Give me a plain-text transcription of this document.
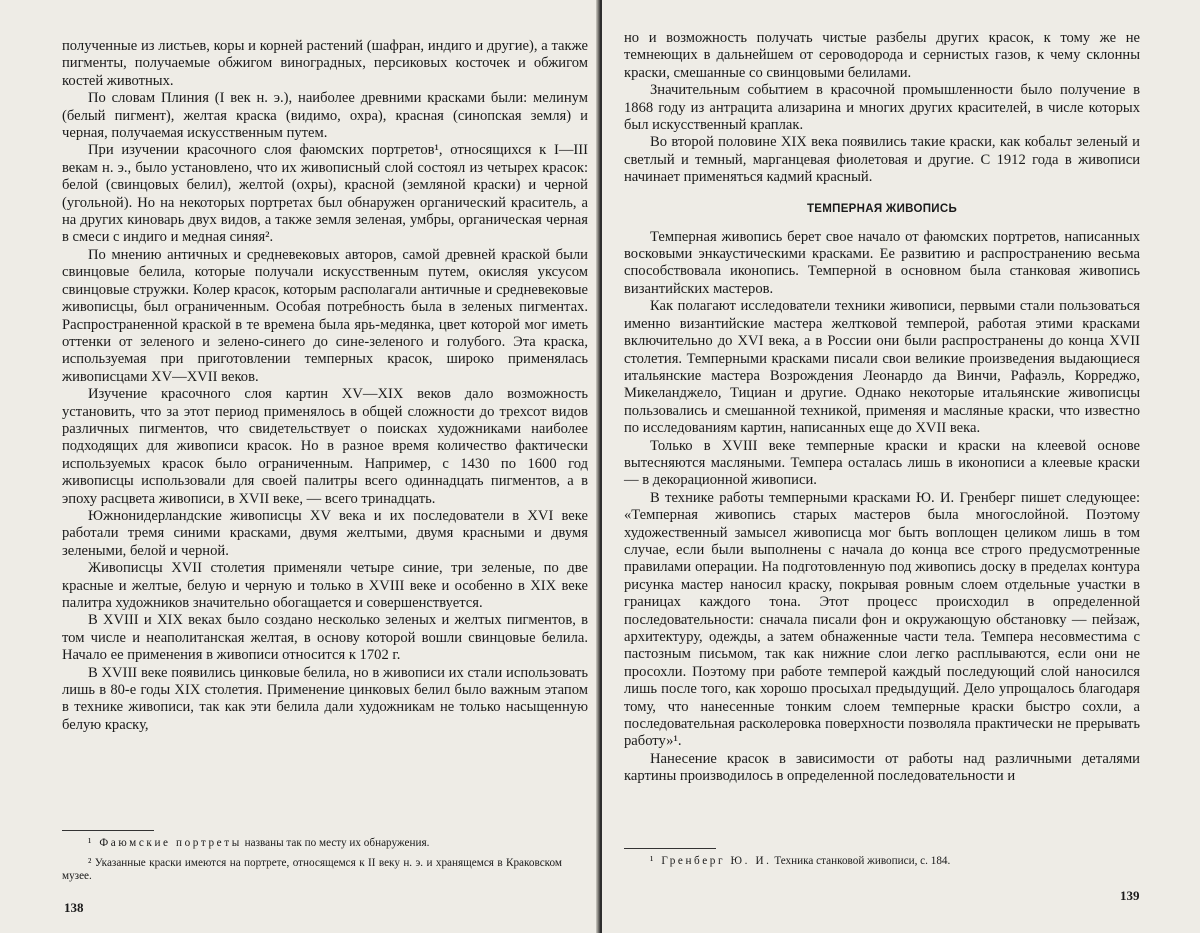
полученные из листьев, коры и корней растений (шафран, индиго и другие), а также пигменты, получаемые обжигом виноградных, персиковых косточек и обжигом костей животных.

По словам Плиния (I век н. э.), наиболее древними красками были: мелинум (белый пигмент), желтая краска (видимо, охра), красная (синопская земля) и черная, получаемая искусственным путем.

При изучении красочного слоя фаюмских портретов¹, относящихся к I—III векам н. э., было установлено, что их живописный слой состоял из четырех красок: белой (свинцовых белил), желтой (охры), красной (земляной краски) и черной (угольной). Но на некоторых портретах был обнаружен органический краситель, а на других киноварь двух видов, а также земля зеленая, умбры, органическая черная в смеси с индиго и медная синяя².

По мнению античных и средневековых авторов, самой древней краской были свинцовые белила, которые получали искусственным путем, окисляя уксусом свинцовые стружки. Колер красок, которым располагали античные и средневековые живописцы, был ограниченным. Особая потребность была в зеленых пигментах. Распространенной краской в те времена была ярь-медянка, цвет которой мог иметь оттенки от зеленого и зелено-синего до сине-зеленого и голубого. Эта краска, используемая при приготовлении темперных красок, широко применялась живописцами XV—XVII веков.

Изучение красочного слоя картин XV—XIX веков дало возможность установить, что за этот период применялось в общей сложности до трехсот видов различных пигментов, что свидетельствует о поисках художниками наиболее подходящих для живописи красок. Но в разное время количество фактически используемых красок было ограниченным. Например, с 1430 по 1600 год живописцы использовали для своей палитры всего одиннадцать пигментов, а в эпоху расцвета живописи, в XVII веке, — всего тринадцать.

Южнонидерландские живописцы XV века и их последователи в XVI веке работали тремя синими красками, двумя желтыми, двумя красными и двумя зелеными, белой и черной.

Живописцы XVII столетия применяли четыре синие, три зеленые, по две красные и желтые, белую и черную и только в XVIII веке и особенно в XIX веке палитра художников значительно обогащается и совершенствуется.

В XVIII и XIX веках было создано несколько зеленых и желтых пигментов, в том числе и неаполитанская желтая, в основу которой вошли свинцовые белила. Начало ее применения в живописи относится к 1702 г.

В XVIII веке появились цинковые белила, но в живописи их стали использовать лишь в 80-е годы XIX столетия. Применение цинковых белил было важным этапом в технике живописи, так как эти белила дали художникам не только насыщенную белую краску,

но и возможность получать чистые разбелы других красок, к тому же не темнеющих в дальнейшем от сероводорода и сернистых газов, к чему склонны краски, смешанные со свинцовыми белилами.

Значительным событием в красочной промышленности было получение в 1868 году из антрацита ализарина и многих других красителей, в числе которых был искусственный краплак.

Во второй половине XIX века появились такие краски, как кобальт зеленый и светлый и темный, марганцевая фиолетовая и другие. С 1912 года в живописи начинает применяться кадмий красный.

ТЕМПЕРНАЯ ЖИВОПИСЬ

Темперная живопись берет свое начало от фаюмских портретов, написанных восковыми энкаустическими красками. Ее развитию и распространению весьма способствовала иконопись. Темперной в основном была станковая живопись византийских мастеров.

Как полагают исследователи техники живописи, первыми стали пользоваться именно византийские мастера желтковой темперой, работая этими красками включительно до XVI века, а в России они были распространены до конца XVII столетия. Темперными красками писали свои великие произведения выдающиеся итальянские мастера Возрождения Леонардо да Винчи, Рафаэль, Корреджо, Микеланджело, Тициан и другие. Однако некоторые итальянские живописцы пользовались и смешанной техникой, применяя и масляные краски, что известно по исследованиям картин, написанных еще до XVII века.

Только в XVIII веке темперные краски и краски на клеевой основе вытесняются масляными. Темпера осталась лишь в иконописи а клеевые краски — в декорационной живописи.

В технике работы темперными красками Ю. И. Гренберг пишет следующее: «Темперная живопись старых мастеров была многослойной. Поэтому художественный замысел живописца мог быть воплощен целиком лишь в том случае, если были выполнены с начала до конца все строго предусмотренные правилами операции. На подготовленную под живопись доску в пределах контура рисунка мастер наносил краску, покрывая ровным слоем отдельные участки в границах каждого тона. Этот процесс происходил в определенной последовательности: сначала писали фон и окружающую обстановку — пейзаж, архитектуру, одежды, а затем обнаженные части тела. Темпера несовместима с пастозным письмом, так как нижние слои легко расплываются, если они не просохли. Поэтому при работе темперой каждый последующий слой наносился лишь после того, как хорошо просыхал предыдущий. Дело упрощалось благодаря тому, что нанесенные тонким слоем темперные краски быстро сохли, а последовательная расколеровка поверхности позволяла практически не прерывать работу»¹.

Нанесение красок в зависимости от работы над различными деталями картины производилось в определенной последовательности и

¹ Фаюмские портреты названы так по месту их обнаружения.

² Указанные краски имеются на портрете, относящемся к II веку н. э. и хранящемся в Краковском музее.

¹ Гренберг Ю. И. Техника станковой живописи, с. 184.

138
139
